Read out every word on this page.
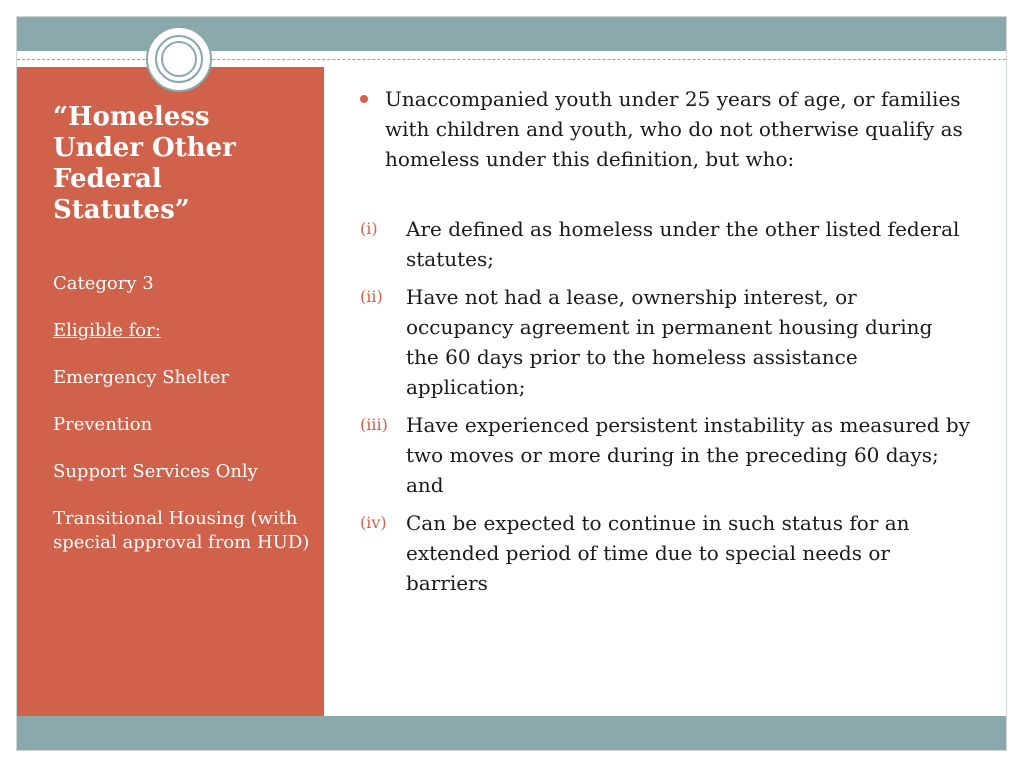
“Homeless Under Other Federal Statutes”
Category 3
Eligible for:
Emergency Shelter
Prevention
Support Services Only
Transitional Housing (with special approval from HUD)
Unaccompanied youth under 25 years of age, or families with children and youth, who do not otherwise qualify as homeless under this definition, but who:
(i)	Are defined as homeless under the other listed federal statutes;
(ii)	Have not had a lease, ownership interest, or occupancy agreement in permanent housing during the 60 days prior to the homeless assistance application;
(iii) Have experienced persistent instability as measured by two moves or more during in the preceding 60 days; and
(iv) Can be expected to continue in such status for an extended period of time due to special needs or barriers
